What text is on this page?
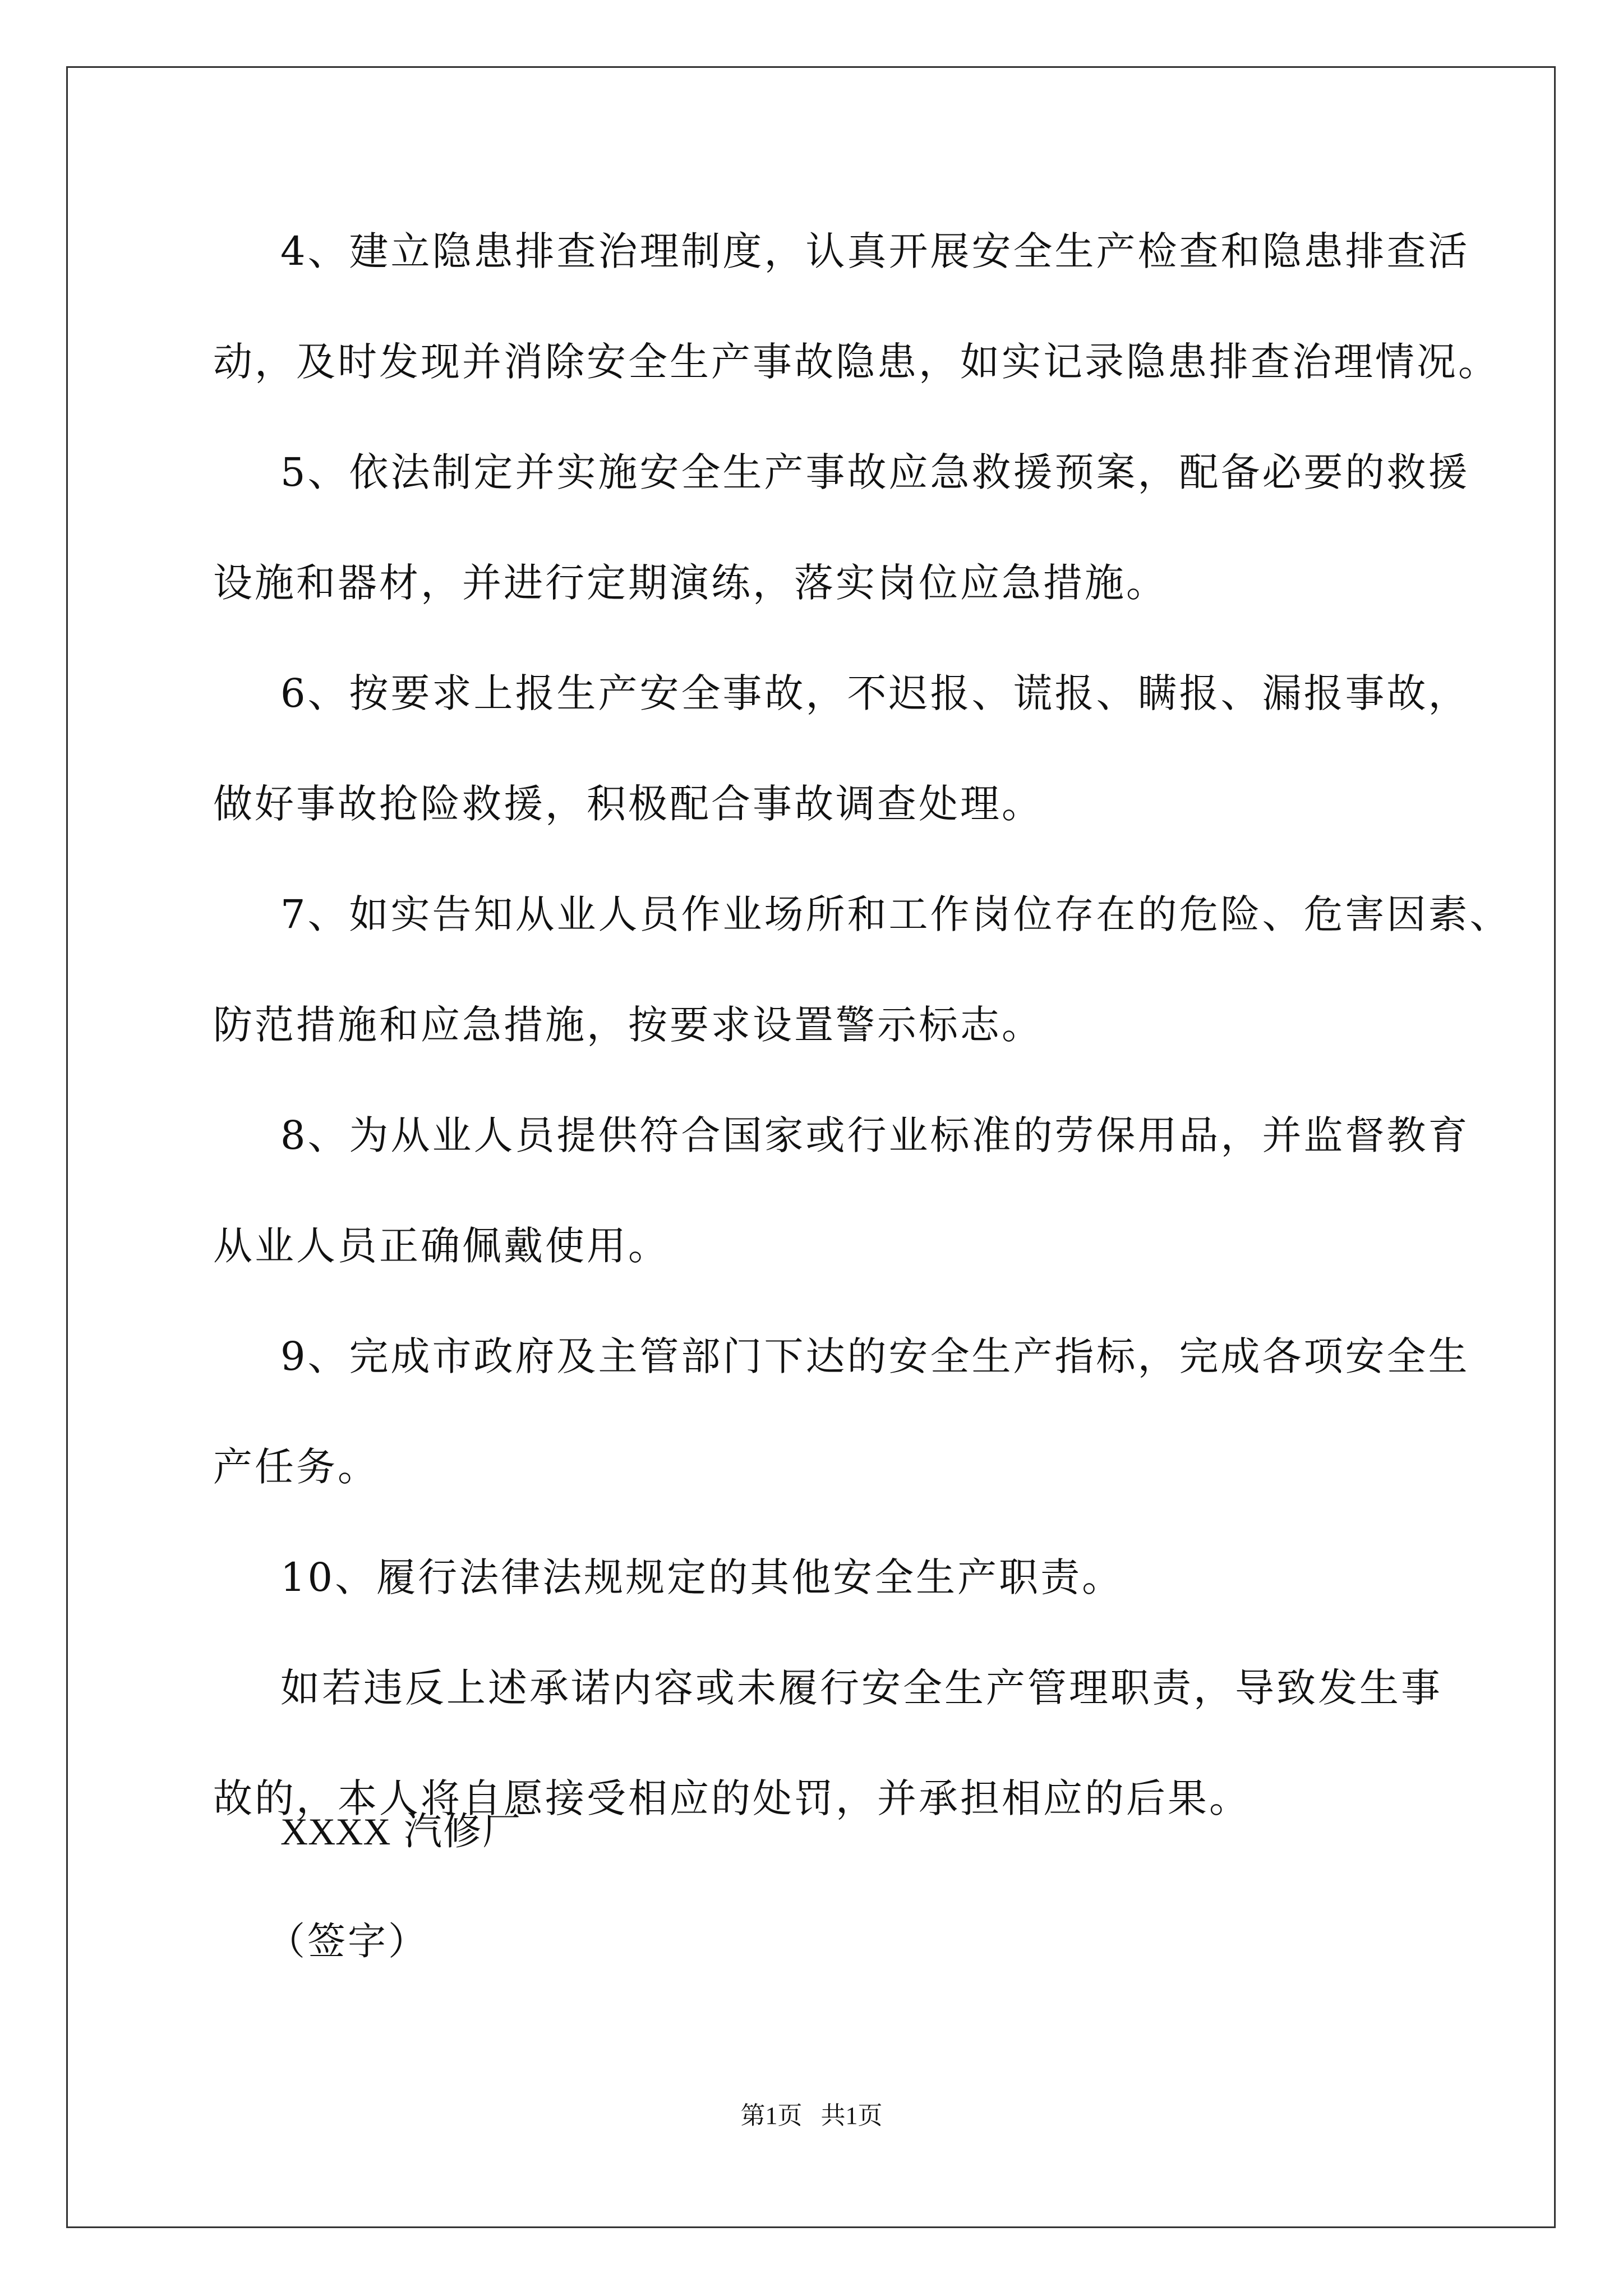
4、建立隐患排查治理制度，认真开展安全生产检查和隐患排查活
动，及时发现并消除安全生产事故隐患，如实记录隐患排查治理情况。

5、依法制定并实施安全生产事故应急救援预案，配备必要的救援
设施和器材，并进行定期演练，落实岗位应急措施。

6、按要求上报生产安全事故，不迟报、谎报、瞒报、漏报事故，
做好事故抢险救援，积极配合事故调查处理。

7、如实告知从业人员作业场所和工作岗位存在的危险、危害因素、
防范措施和应急措施，按要求设置警示标志。

8、为从业人员提供符合国家或行业标准的劳保用品，并监督教育
从业人员正确佩戴使用。

9、完成市政府及主管部门下达的安全生产指标，完成各项安全生
产任务。

10、履行法律法规规定的其他安全生产职责。

如若违反上述承诺内容或未履行安全生产管理职责，导致发生事
故的，本人将自愿接受相应的处罚，并承担相应的后果。

XXXX 汽修厂
（签字）
第1页   共1页
